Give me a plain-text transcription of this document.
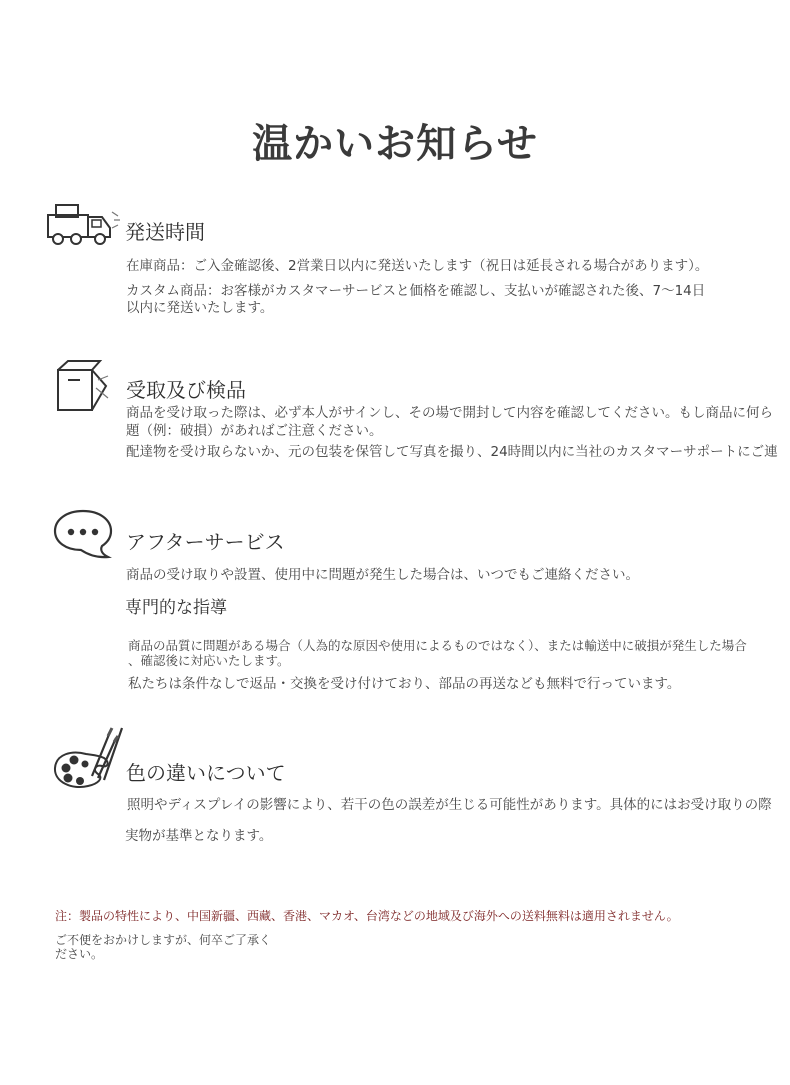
温かいお知らせ
発送時間
在庫商品：ご入金確認後、2営業日以内に発送いたします（祝日は延長される場合があります）。
カスタム商品：お客様がカスタマーサービスと価格を確認し、支払いが確認された後、7～14日
以内に発送いたします。
受取及び検品
商品を受け取った際は、必ず本人がサインし、その場で開封して内容を確認してください。もし商品に何ら
題（例：破損）があればご注意ください。
配達物を受け取らないか、元の包装を保管して写真を撮り、24時間以内に当社のカスタマーサポートにご連
アフターサービス
商品の受け取りや設置、使用中に問題が発生した場合は、いつでもご連絡ください。
専門的な指導
商品の品質に問題がある場合（人為的な原因や使用によるものではなく）、または輸送中に破損が発生した場合
、確認後に対応いたします。
私たちは条件なしで返品・交換を受け付けており、部品の再送なども無料で行っています。
色の違いについて
照明やディスプレイの影響により、若干の色の誤差が生じる可能性があります。具体的にはお受け取りの際
実物が基準となります。
注：製品の特性により、中国新疆、西藏、香港、マカオ、台湾などの地域及び海外への送料無料は適用されません。
ご不便をおかけしますが、何卒ご了承く
ださい。
